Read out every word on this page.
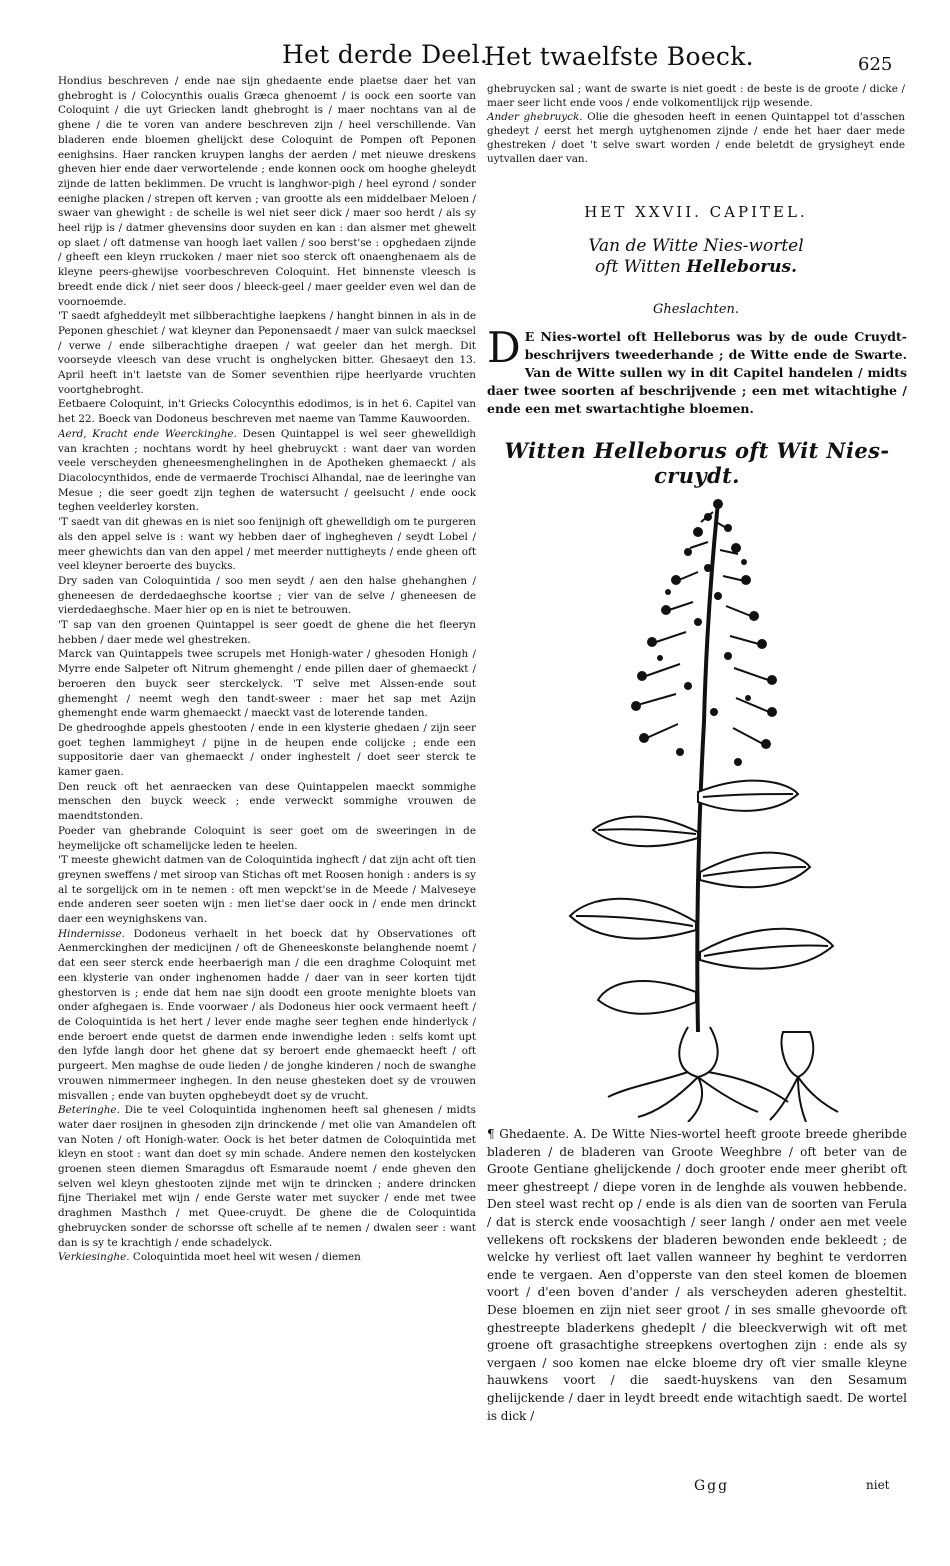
Het derde Deel.
Het twaelfste Boeck.	625

Hondius beschreven / ende nae sijn ghedaente ende plaetse daer het van ghebroght is / Colocynthis oualis Græca ghenoemt / is oock een soorte van Coloquint / die uyt Griecken landt ghebroght is / maer nochtans van al de ghene / die te voren van andere beschreven zijn / heel verschillende. Van bladeren ende bloemen ghelijckt dese Coloquint de Pompen oft Peponen eenighsins. Haer rancken kruypen langhs der aerden / met nieuwe dreskens gheven hier ende daer verwortelende ; ende konnen oock om hooghe gheleydt zijnde de latten beklimmen. De vrucht is langhwor-pigh / heel eyrond / sonder eenighe placken / strepen oft kerven ; van grootte als een middelbaer Meloen / swaer van ghewight : de schelle is wel niet seer dick / maer soo herdt / als sy heel rijp is / datmer ghevensins door suyden en kan : dan alsmer met ghewelt op slaet / oft datmense van hoogh laet vallen / soo berst'se : opghedaen zijnde / gheeft een kleyn rruckoken / maer niet soo sterck oft onaenghenaem als de kleyne peers-ghewijse voorbeschreven Coloquint. Het binnenste vleesch is breedt ende dick / niet seer doos / bleeck-geel / maer geelder even wel dan de voornoemde.

'T saedt afgheddeylt met silbberachtighe laepkens / hanght binnen in als in de Peponen gheschiet / wat kleyner dan Peponensaedt / maer van sulck maecksel / verwe / ende silberachtighe draepen / wat geeler dan het mergh. Dit voorseyde vleesch van dese vrucht is onghelycken bitter. Ghesaeyt den 13. April heeft in't laetste van de Somer seventhien rijpe heerlyarde vruchten voortghebroght.

Eetbaere Coloquint, in't Griecks Colocynthis edodimos, is in het 6. Capitel van het 22. Boeck van Dodoneus beschreven met naeme van Tamme Kauwoorden.

Aerd, Kracht ende Weerckinghe. Desen Quintappel is wel seer ghewelldigh van krachten ; nochtans wordt hy heel ghebruyckt : want daer van worden veele verscheyden gheneesmenghelinghen in de Apotheken ghemaeckt / als Diacolocynthidos, ende de vermaerde Trochisci Alhandal, nae de leeringhe van Mesue ; die seer goedt zijn teghen de watersucht / geelsucht / ende oock teghen veelderley korsten.

'T saedt van dit ghewas en is niet soo fenijnigh oft ghewelldigh om te purgeren als den appel selve is : want wy hebben daer of inghegheven / seydt Lobel / meer ghewichts dan van den appel / met meerder nuttigheyts / ende gheen oft veel kleyner beroerte des buycks.

Dry saden van Coloquintida / soo men seydt / aen den halse ghehanghen / gheneesen de derdedaeghsche koortse ; vier van de selve / gheneesen de vierdedaeghsche. Maer hier op en is niet te betrouwen.

'T sap van den groenen Quintappel is seer goedt de ghene die het fleeryn hebben / daer mede wel ghestreken.

Marck van Quintappels twee scrupels met Honigh-water / ghesoden Honigh / Myrre ende Salpeter oft Nitrum ghemenght / ende pillen daer of ghemaeckt / beroeren den buyck seer sterckelyck. 'T selve met Alssen-ende sout ghemenght / neemt wegh den tandt-sweer : maer het sap met Azijn ghemenght ende warm ghemaeckt / maeckt vast de loterende tanden.

De ghedrooghde appels ghestooten / ende in een klysterie ghedaen / zijn seer goet teghen lammigheyt / pijne in de heupen ende colijcke ; ende een suppositorie daer van ghemaeckt / onder inghestelt / doet seer sterck te kamer gaen.

Den reuck oft het aenraecken van dese Quintappelen maeckt sommighe menschen den buyck weeck ; ende verweckt sommighe vrouwen de maendtstonden.

Poeder van ghebrande Coloquint is seer goet om de sweeringen in de heymelijcke oft schamelijcke leden te heelen.

'T meeste ghewicht datmen van de Coloquintida inghecft / dat zijn acht oft tien greynen sweffens / met siroop van Stichas oft met Roosen honigh : anders is sy al te sorgelijck om in te nemen : oft men wepckt'se in de Meede / Malveseye ende anderen seer soeten wijn : men liet'se daer oock in / ende men drinckt daer een weynighskens van.

Hindernisse. Dodoneus verhaelt in het boeck dat hy Observationes oft Aenmerckinghen der medicijnen / oft de Gheneeskonste belanghende noemt / dat een seer sterck ende heerbaerigh man / die een draghme Coloquint met een klysterie van onder inghenomen hadde / daer van in seer korten tijdt ghestorven is ; ende dat hem nae sijn doodt een groote menighte bloets van onder afghegaen is. Ende voorwaer / als Dodoneus hier oock vermaent heeft / de Coloquintida is het hert / lever ende maghe seer teghen ende hinderlyck / ende beroert ende quetst de darmen ende inwendighe leden : selfs komt upt den lyfde langh door het ghene dat sy beroert ende ghemaeckt heeft / oft purgeert. Men maghse de oude lieden / de jonghe kinderen / noch de swanghe vrouwen nimmermeer inghegen. In den neuse ghesteken doet sy de vrouwen misvallen ; ende van buyten opghebeydt doet sy de vrucht.

Beteringhe. Die te veel Coloquintida inghenomen heeft sal ghenesen / midts water daer rosijnen in ghesoden zijn drinckende / met olie van Amandelen oft van Noten / oft Honigh-water. Oock is het beter datmen de Coloquintida met kleyn en stoot : want dan doet sy min schade. Andere nemen den kostelycken groenen steen diemen Smaragdus oft Esmaraude noemt / ende gheven den selven wel kleyn ghestooten zijnde met wijn te drincken ; andere drincken fijne Theriakel met wijn / ende Gerste water met suycker / ende met twee draghmen Masthch / met Quee-cruydt. De ghene die de Coloquintida ghebruycken sonder de schorsse oft schelle af te nemen / dwalen seer : want dan is sy te krachtigh / ende schadelyck.

Verkiesinghe. Coloquintida moet heel wit wesen / diemen

ghebruycken sal ; want de swarte is niet goedt : de beste is de groote / dicke / maer seer licht ende voos / ende volkomentlijck rijp wesende.

Ander ghebruyck. Olie die ghesoden heeft in eenen Quintappel tot d'asschen ghedeyt / eerst het mergh uytghenomen zijnde / ende het haer daer mede ghestreken / doet 't selve swart worden / ende beletdt de grysigheyt ende uytvallen daer van.

HET XXVII. CAPITEL.
Van de Witte Nies-wortel
oft Witten Helleborus.
Gheslachten.
D E Nies-wortel oft Helleborus was by de oude Cruydt-beschrijvers tweederhande ; de Witte ende de Swarte. Van de Witte sullen wy in dit Capitel handelen / midts daer twee soorten af beschrijvende ; een met witachtighe / ende een met swartachtighe bloemen.
Witten Helleborus oft Wit Nies-cruydt.

¶ Ghedaente. A. De Witte Nies-wortel heeft groote breede gheribde bladeren / de bladeren van Groote Weeghbre / oft beter van de Groote Gentiane ghelijckende / doch grooter ende meer gheribt oft meer ghestreept / diepe voren in de lenghde als vouwen hebbende. Den steel wast recht op / ende is als dien van de soorten van Ferula / dat is sterck ende voosachtigh / seer langh / onder aen met veele vellekens oft rockskens der bladeren bewonden ende bekleedt ; de welcke hy verliest oft laet vallen wanneer hy beghint te verdorren ende te vergaen. Aen d'opperste van den steel komen de bloemen voort / d'een boven d'ander / als verscheyden aderen ghesteltit. Dese bloemen en zijn niet seer groot / in ses smalle ghevoorde oft ghestreepte bladerkens ghedeplt / die bleeckverwigh wit oft met groene oft grasachtighe streepkens overtoghen zijn : ende als sy vergaen / soo komen nae elcke bloeme dry oft vier smalle kleyne hauwkens voort / die saedt-huyskens van den Sesamum ghelijckende / daer in leydt breedt ende witachtigh saedt. De wortel is dick /

Ggg	niet
